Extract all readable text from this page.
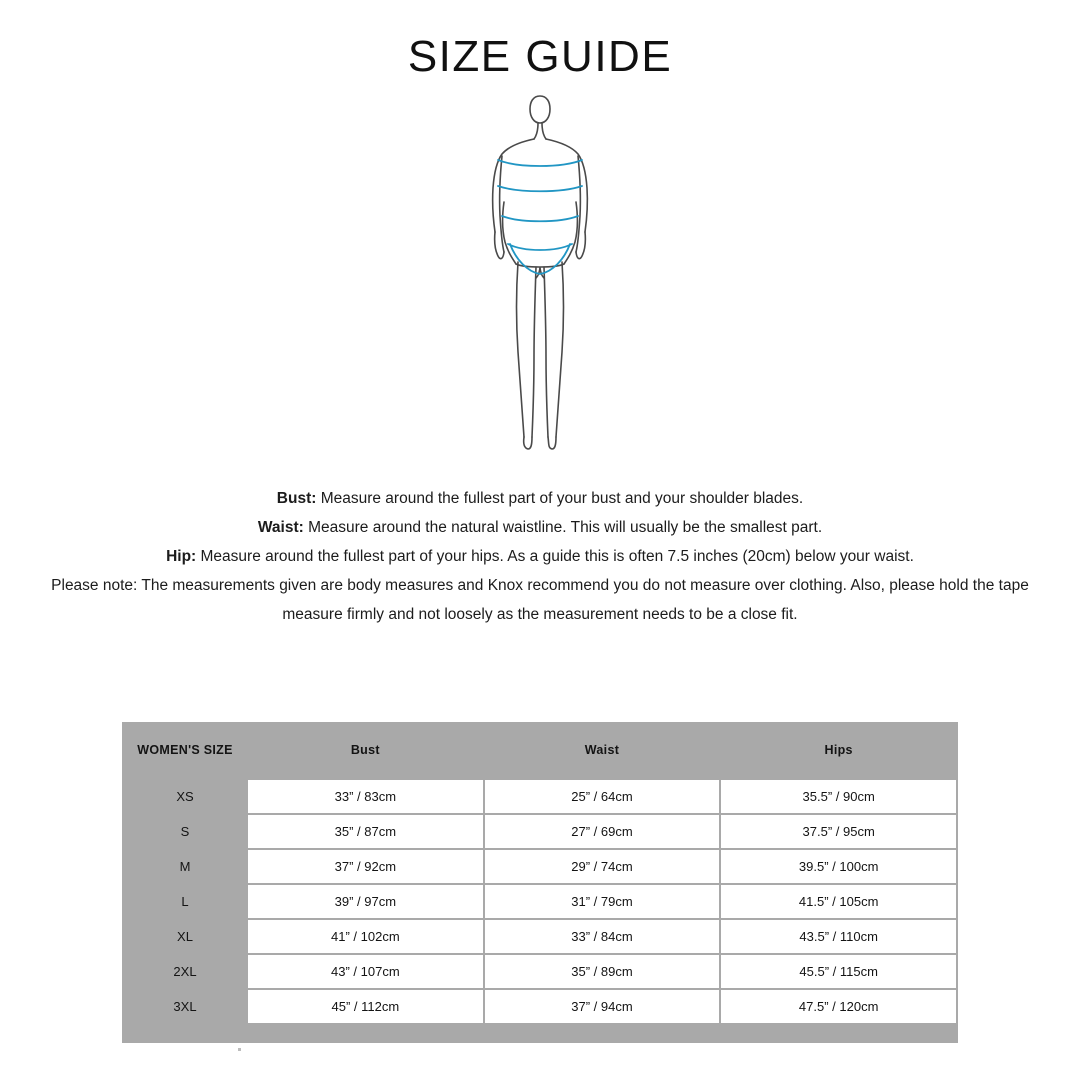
SIZE GUIDE
Bust: Measure around the fullest part of your bust and your shoulder blades.
Waist: Measure around the natural waistline. This will usually be the smallest part.
Hip: Measure around the fullest part of your hips. As a guide this is often 7.5 inches (20cm) below your waist.
Please note: The measurements given are body measures and Knox recommend you do not measure over clothing. Also, please hold the tape
measure firmly and not loosely as the measurement needs to be a close fit.
WOMEN'S SIZE	Bust	Waist	Hips
XS	33” / 83cm	25” / 64cm	35.5” / 90cm
S	35” / 87cm	27” / 69cm	37.5” / 95cm
M	37” / 92cm	29” / 74cm	39.5” / 100cm
L	39” / 97cm	31” / 79cm	41.5” / 105cm
XL	41” / 102cm	33” / 84cm	43.5” / 110cm
2XL	43” / 107cm	35” / 89cm	45.5” / 115cm
3XL	45” / 112cm	37” / 94cm	47.5” / 120cm
